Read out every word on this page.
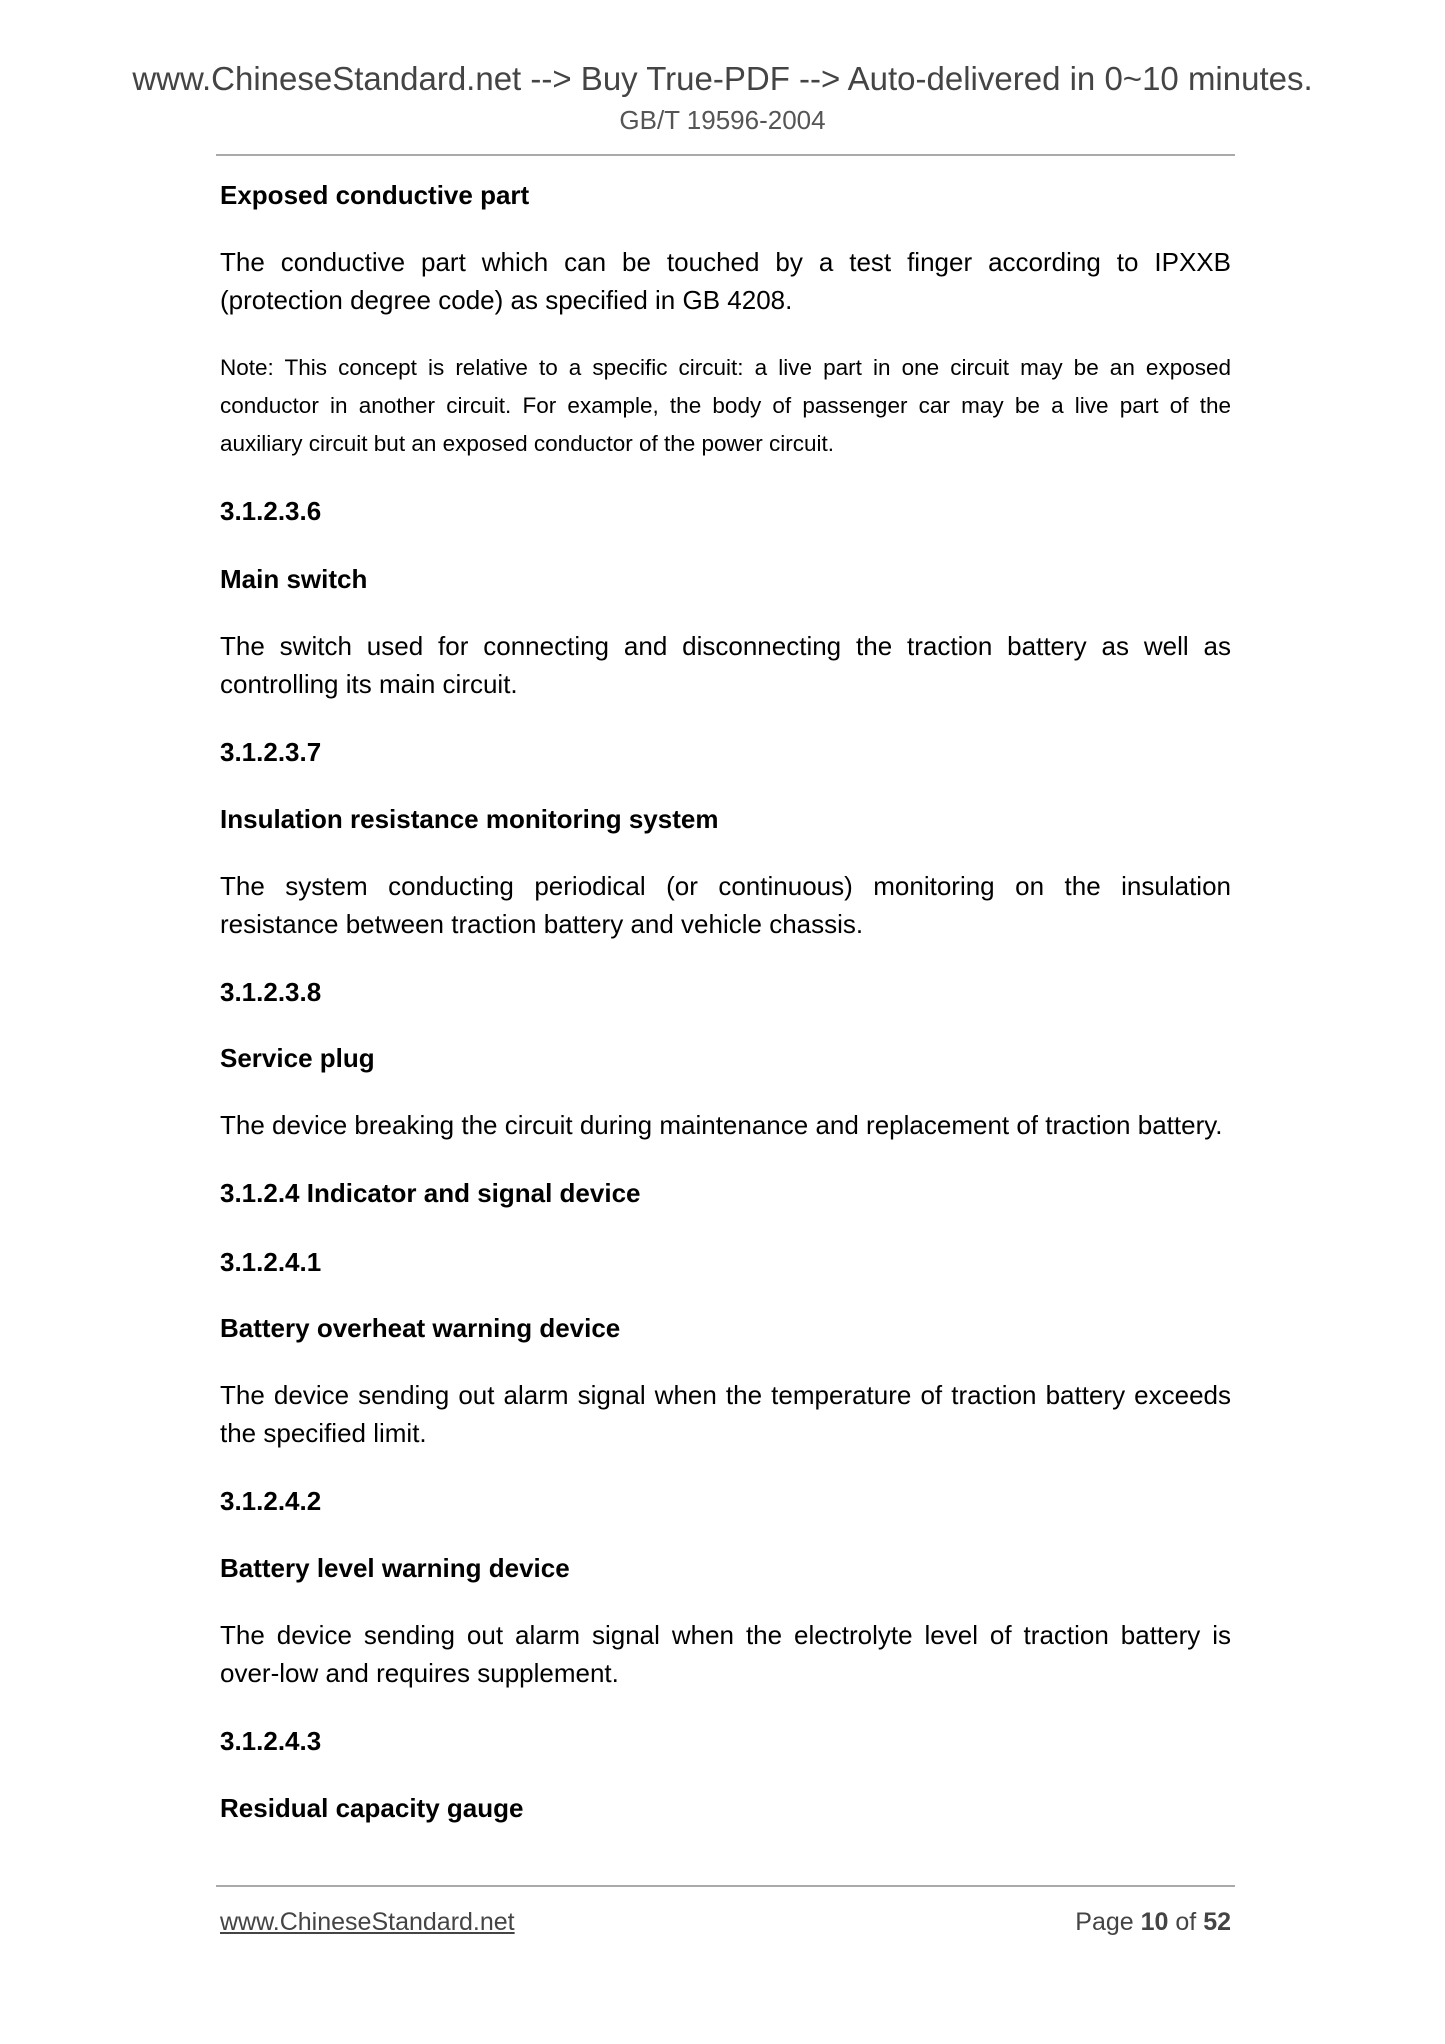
www.ChineseStandard.net --> Buy True-PDF --> Auto-delivered in 0~10 minutes.
GB/T 19596-2004
Exposed conductive part
The conductive part which can be touched by a test finger according to IPXXB (protection degree code) as specified in GB 4208.
Note: This concept is relative to a specific circuit: a live part in one circuit may be an exposed conductor in another circuit. For example, the body of passenger car may be a live part of the auxiliary circuit but an exposed conductor of the power circuit.
3.1.2.3.6
Main switch
The switch used for connecting and disconnecting the traction battery as well as controlling its main circuit.
3.1.2.3.7
Insulation resistance monitoring system
The system conducting periodical (or continuous) monitoring on the insulation resistance between traction battery and vehicle chassis.
3.1.2.3.8
Service plug
The device breaking the circuit during maintenance and replacement of traction battery.
3.1.2.4 Indicator and signal device
3.1.2.4.1
Battery overheat warning device
The device sending out alarm signal when the temperature of traction battery exceeds the specified limit.
3.1.2.4.2
Battery level warning device
The device sending out alarm signal when the electrolyte level of traction battery is over-low and requires supplement.
3.1.2.4.3
Residual capacity gauge
www.ChineseStandard.net	Page 10 of 52
